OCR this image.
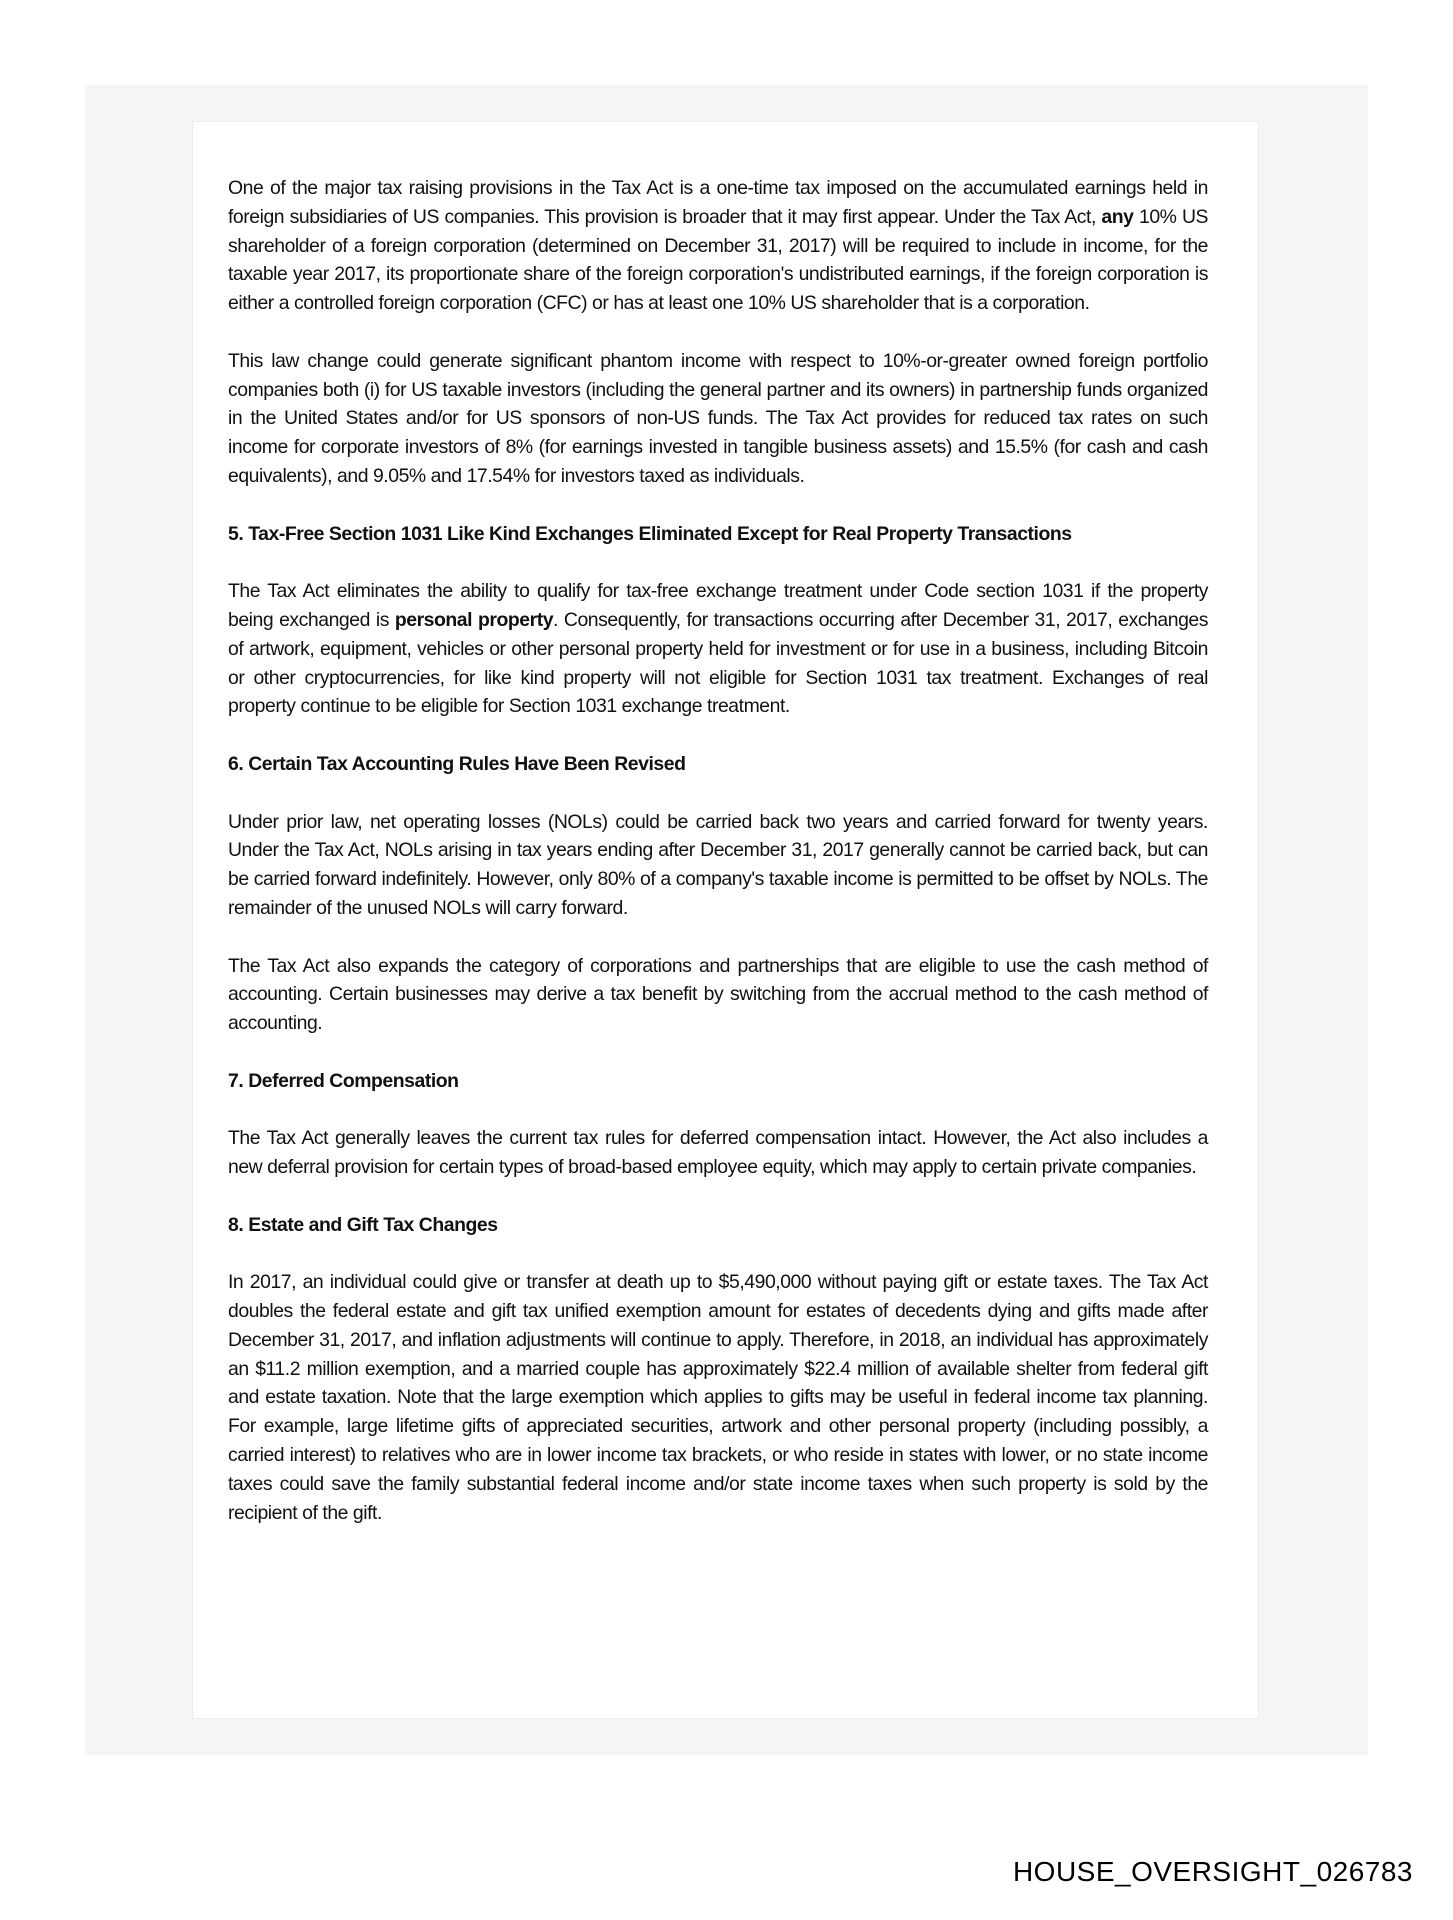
One of the major tax raising provisions in the Tax Act is a one-time tax imposed on the accumulated earnings held in foreign subsidiaries of US companies. This provision is broader that it may first appear. Under the Tax Act, any 10% US shareholder of a foreign corporation (determined on December 31, 2017) will be required to include in income, for the taxable year 2017, its proportionate share of the foreign corporation's undistributed earnings, if the foreign corporation is either a controlled foreign corporation (CFC) or has at least one 10% US shareholder that is a corporation.

This law change could generate significant phantom income with respect to 10%-or-greater owned foreign portfolio companies both (i) for US taxable investors (including the general partner and its owners) in partnership funds organized in the United States and/or for US sponsors of non-US funds. The Tax Act provides for reduced tax rates on such income for corporate investors of 8% (for earnings invested in tangible business assets) and 15.5% (for cash and cash equivalents), and 9.05% and 17.54% for investors taxed as individuals.

5. Tax-Free Section 1031 Like Kind Exchanges Eliminated Except for Real Property Transactions

The Tax Act eliminates the ability to qualify for tax-free exchange treatment under Code section 1031 if the property being exchanged is personal property. Consequently, for transactions occurring after December 31, 2017, exchanges of artwork, equipment, vehicles or other personal property held for investment or for use in a business, including Bitcoin or other cryptocurrencies, for like kind property will not eligible for Section 1031 tax treatment. Exchanges of real property continue to be eligible for Section 1031 exchange treatment.

6. Certain Tax Accounting Rules Have Been Revised

Under prior law, net operating losses (NOLs) could be carried back two years and carried forward for twenty years. Under the Tax Act, NOLs arising in tax years ending after December 31, 2017 generally cannot be carried back, but can be carried forward indefinitely. However, only 80% of a company's taxable income is permitted to be offset by NOLs. The remainder of the unused NOLs will carry forward.

The Tax Act also expands the category of corporations and partnerships that are eligible to use the cash method of accounting. Certain businesses may derive a tax benefit by switching from the accrual method to the cash method of accounting.

7. Deferred Compensation

The Tax Act generally leaves the current tax rules for deferred compensation intact. However, the Act also includes a new deferral provision for certain types of broad-based employee equity, which may apply to certain private companies.

8. Estate and Gift Tax Changes

In 2017, an individual could give or transfer at death up to $5,490,000 without paying gift or estate taxes. The Tax Act doubles the federal estate and gift tax unified exemption amount for estates of decedents dying and gifts made after December 31, 2017, and inflation adjustments will continue to apply. Therefore, in 2018, an individual has approximately an $11.2 million exemption, and a married couple has approximately $22.4 million of available shelter from federal gift and estate taxation. Note that the large exemption which applies to gifts may be useful in federal income tax planning. For example, large lifetime gifts of appreciated securities, artwork and other personal property (including possibly, a carried interest) to relatives who are in lower income tax brackets, or who reside in states with lower, or no state income taxes could save the family substantial federal income and/or state income taxes when such property is sold by the recipient of the gift.

HOUSE_OVERSIGHT_026783
